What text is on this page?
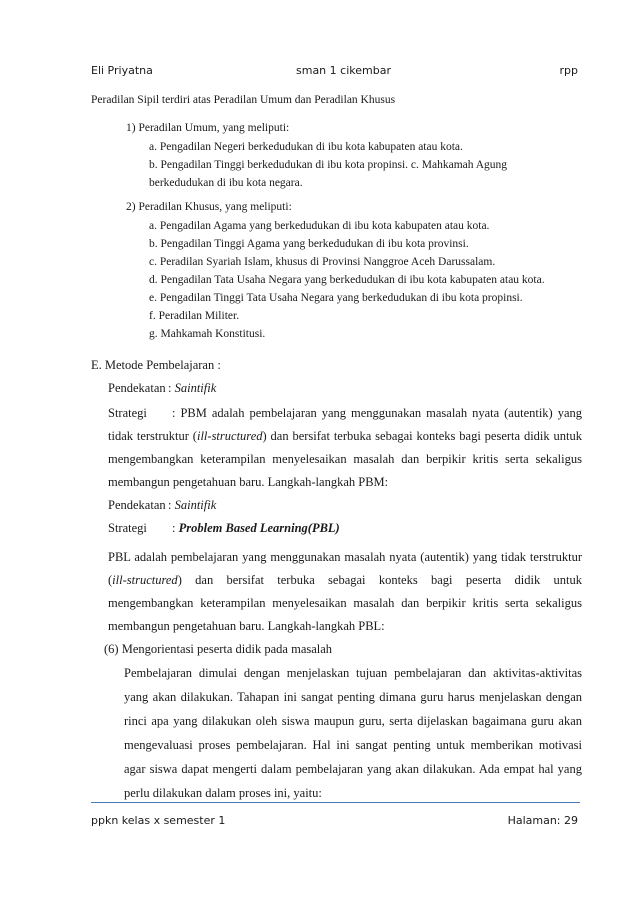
Eli Priyatna	sman 1 cikembar	rpp
Peradilan Sipil terdiri atas Peradilan Umum dan Peradilan Khusus
1) Peradilan Umum, yang meliputi:
a. Pengadilan Negeri berkedudukan di ibu kota kabupaten atau kota.
b. Pengadilan Tinggi berkedudukan di ibu kota propinsi. c. Mahkamah Agung
berkedudukan di ibu kota negara.
2) Peradilan Khusus, yang meliputi:
a. Pengadilan Agama yang berkedudukan di ibu kota kabupaten atau kota.
b. Pengadilan Tinggi Agama yang berkedudukan di ibu kota provinsi.
c. Peradilan Syariah Islam, khusus di Provinsi Nanggroe Aceh Darussalam.
d. Pengadilan Tata Usaha Negara yang berkedudukan di ibu kota kabupaten atau kota.
e. Pengadilan Tinggi Tata Usaha Negara yang berkedudukan di ibu kota propinsi.
f. Peradilan Militer.
g. Mahkamah Konstitusi.
E. Metode Pembelajaran :
Pendekatan : Saintifik
Strategi : PBM adalah pembelajaran yang menggunakan masalah nyata (autentik) yang
tidak terstruktur (ill-structured) dan bersifat terbuka sebagai konteks bagi peserta didik untuk
mengembangkan keterampilan menyelesaikan masalah dan berpikir kritis serta sekaligus
membangun pengetahuan baru. Langkah-langkah PBM:
Pendekatan : Saintifik
Strategi : Problem Based Learning(PBL)
PBL adalah pembelajaran yang menggunakan masalah nyata (autentik) yang tidak terstruktur
(ill-structured) dan bersifat terbuka sebagai konteks bagi peserta didik untuk
mengembangkan keterampilan menyelesaikan masalah dan berpikir kritis serta sekaligus
membangun pengetahuan baru. Langkah-langkah PBL:
(6) Mengorientasi peserta didik pada masalah
Pembelajaran dimulai dengan menjelaskan tujuan pembelajaran dan aktivitas-aktivitas
yang akan dilakukan. Tahapan ini sangat penting dimana guru harus menjelaskan dengan
rinci apa yang dilakukan oleh siswa maupun guru, serta dijelaskan bagaimana guru akan
mengevaluasi proses pembelajaran. Hal ini sangat penting untuk memberikan motivasi
agar siswa dapat mengerti dalam pembelajaran yang akan dilakukan. Ada empat hal yang
perlu dilakukan dalam proses ini, yaitu:
ppkn kelas x semester 1	Halaman: 29
